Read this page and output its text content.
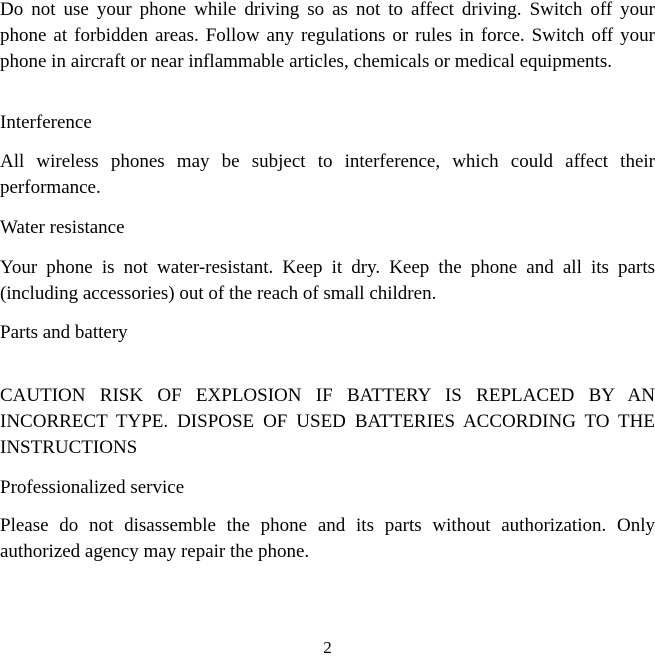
Do not use your phone while driving so as not to affect driving. Switch off your phone at forbidden areas. Follow any regulations or rules in force. Switch off your phone in aircraft or near inflammable articles, chemicals or medical equipments.

Interference

All wireless phones may be subject to interference, which could affect their performance.

Water resistance

Your phone is not water-resistant. Keep it dry. Keep the phone and all its parts (including accessories) out of the reach of small children.

Parts and battery

CAUTION RISK OF EXPLOSION IF BATTERY IS REPLACED BY AN INCORRECT TYPE. DISPOSE OF USED BATTERIES ACCORDING TO THE INSTRUCTIONS

Professionalized service

Please do not disassemble the phone and its parts without authorization. Only authorized agency may repair the phone.

2
